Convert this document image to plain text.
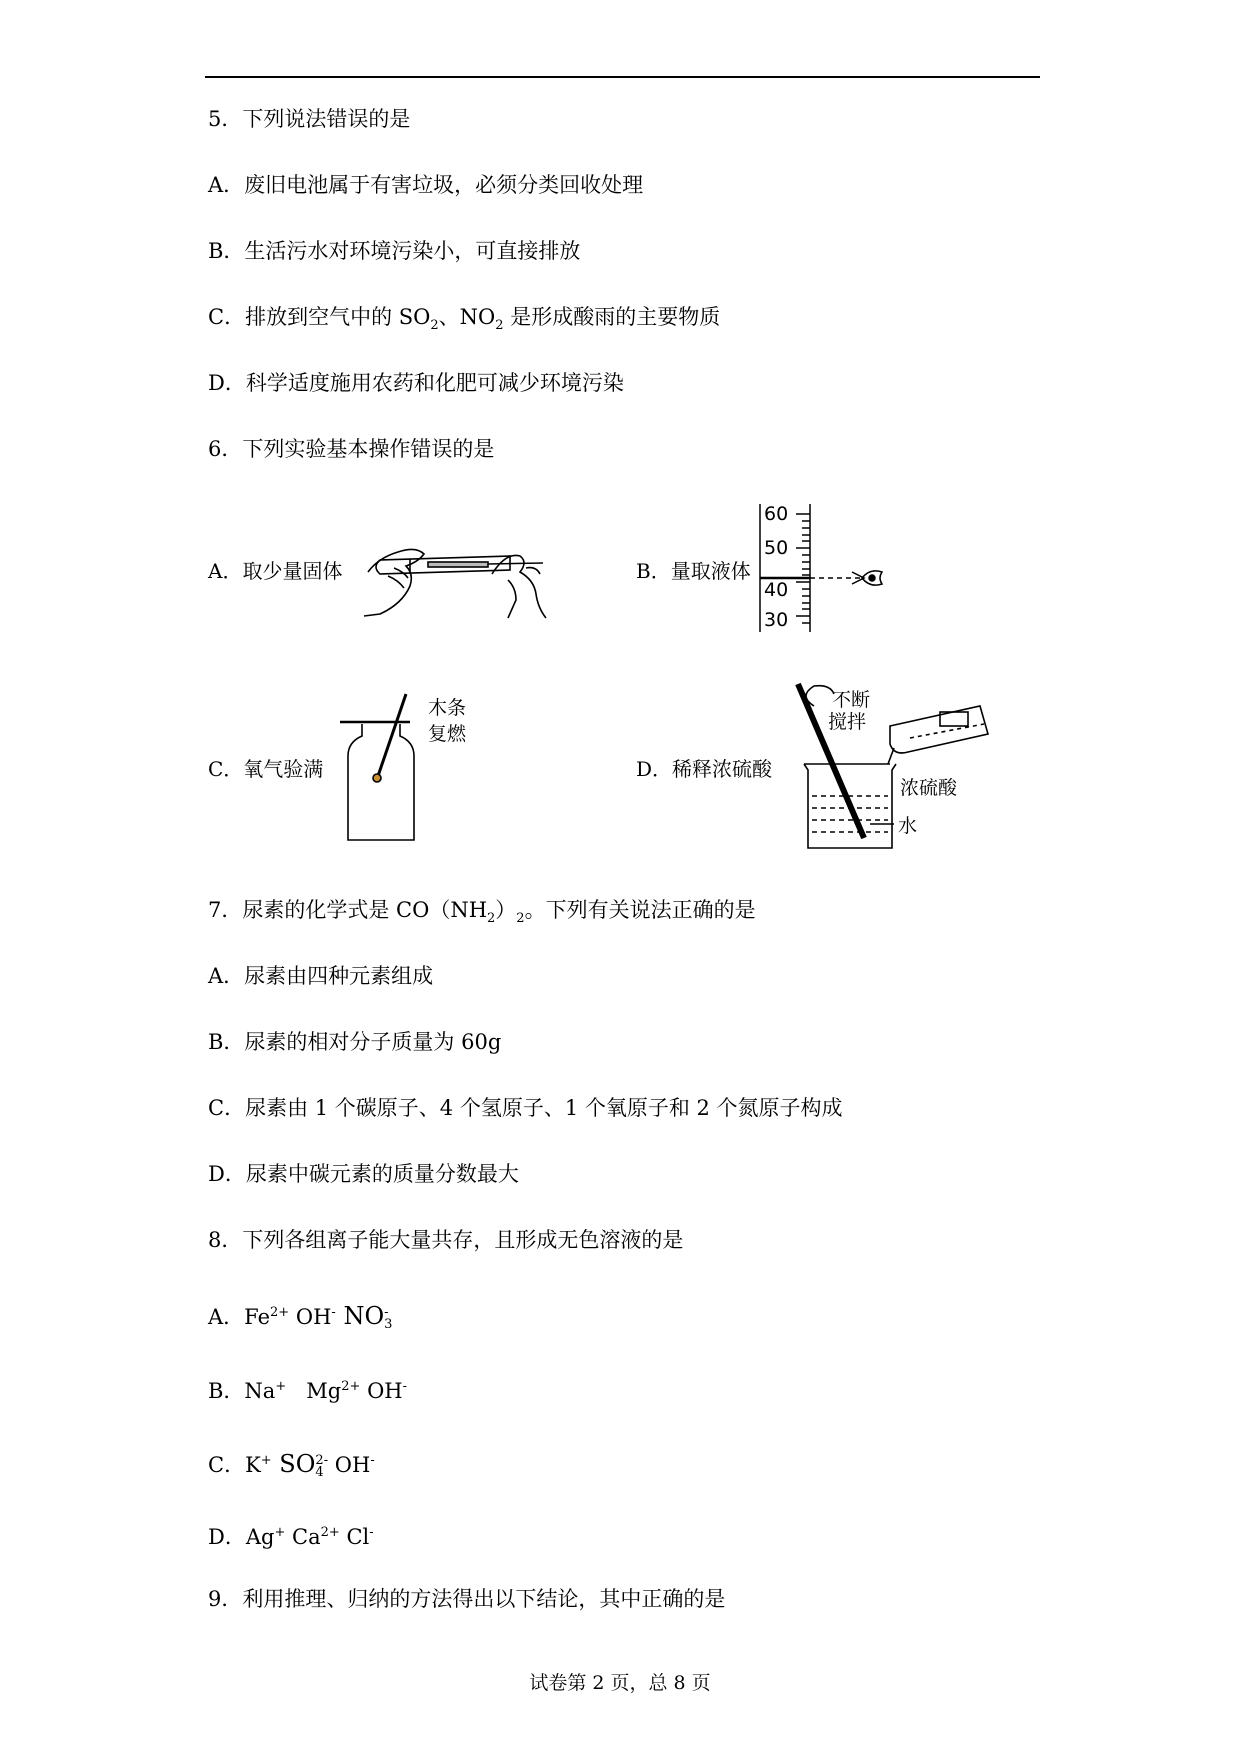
5．下列说法错误的是
A．废旧电池属于有害垃圾，必须分类回收处理
B．生活污水对环境污染小，可直接排放
C．排放到空气中的 $SO_2$、$NO_2$ 是形成酸雨的主要物质
D．科学适度施用农药和化肥可减少环境污染
6．下列实验基本操作错误的是
A．取少量固体	B．量取液体
60
50
40
30
C．氧气验满
木条
复燃
D．稀释浓硫酸
不断
搅拌
浓硫酸
水
7．尿素的化学式是 $CO(NH_2)_2$。下列有关说法正确的是
A．尿素由四种元素组成
B．尿素的相对分子质量为 60g
C．尿素由 1 个碳原子、4 个氢原子、1 个氧原子和 2 个氮原子构成
D．尿素中碳元素的质量分数最大
8．下列各组离子能大量共存，且形成无色溶液的是
A．$Fe^{2+}$ OH- NO-
3
B．Na+   $Mg^{2+}$ OH-
C．K+ SO2-
4 OH-
D．Ag+ $Ca^{2+}$ Cl-
9．利用推理、归纳的方法得出以下结论，其中正确的是
试卷第 2 页，总 8 页
